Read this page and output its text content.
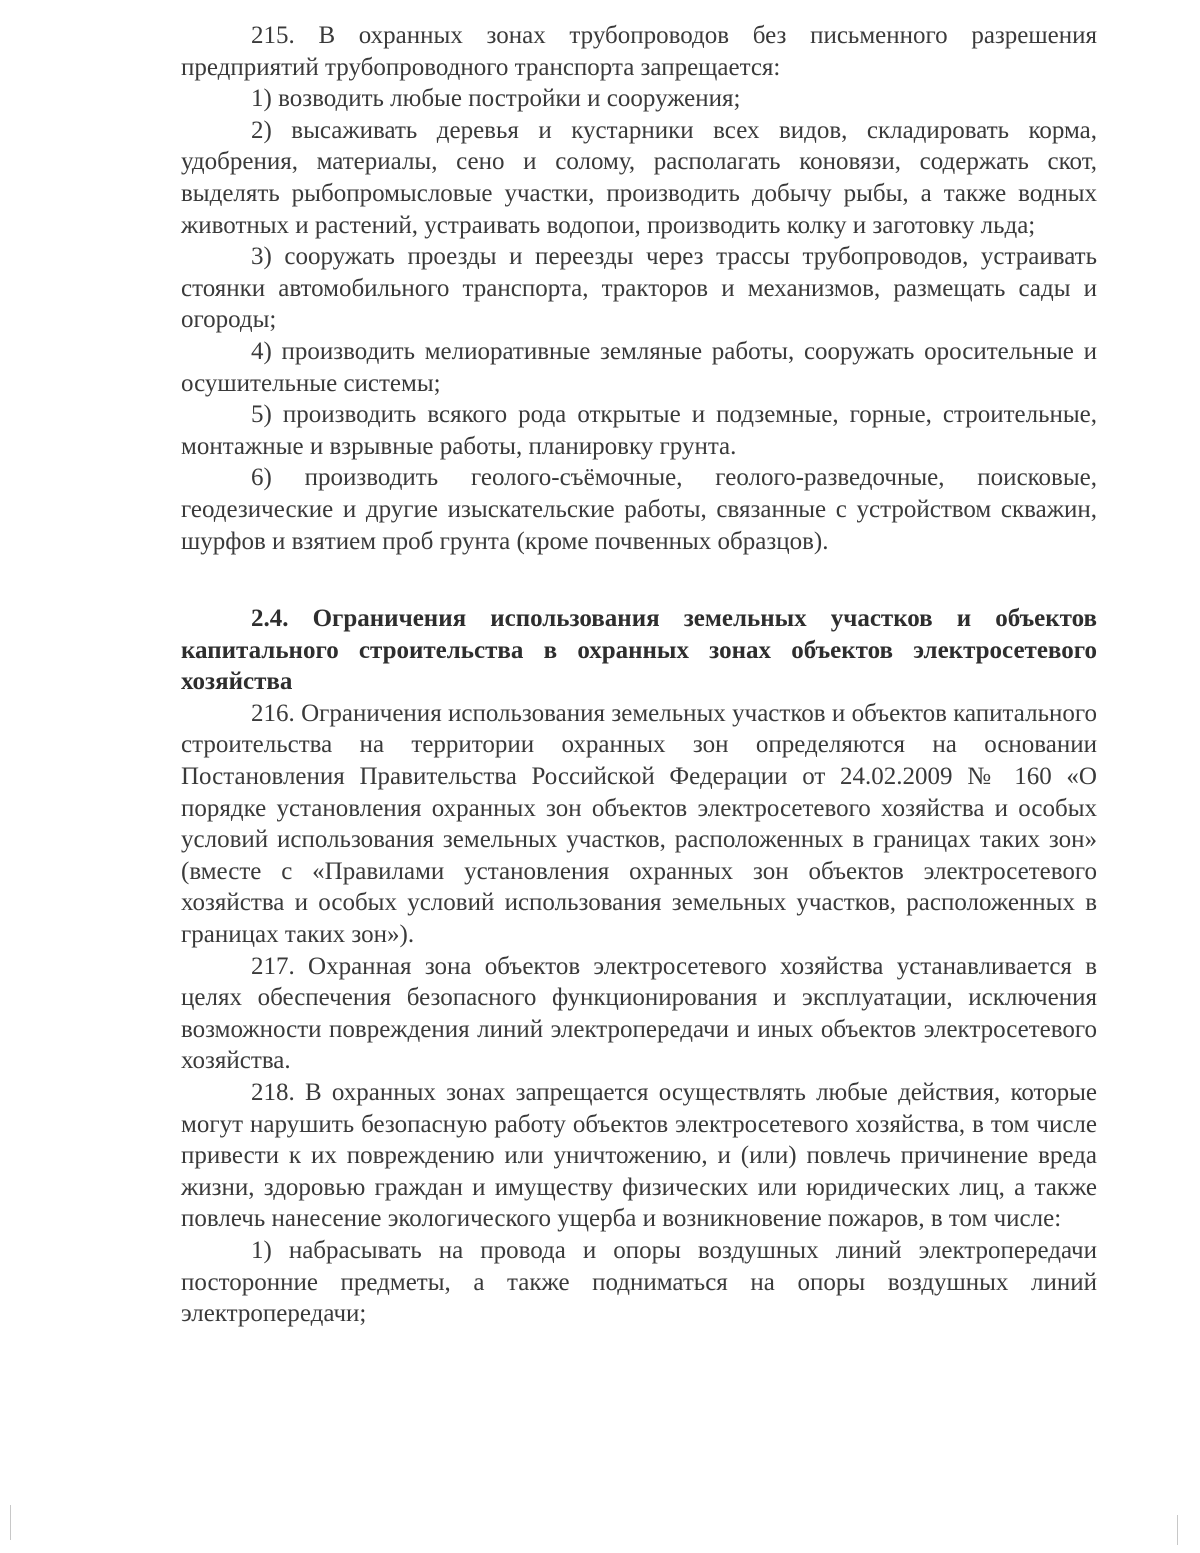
215. В охранных зонах трубопроводов без письменного разрешения предприятий трубопроводного транспорта запрещается:

1) возводить любые постройки и сооружения;

2) высаживать деревья и кустарники всех видов, складировать корма, удобрения, материалы, сено и солому, располагать коновязи, содержать скот, выделять рыбопромысловые участки, производить добычу рыбы, а также водных животных и растений, устраивать водопои, производить колку и заготовку льда;

3) сооружать проезды и переезды через трассы трубопроводов, устраивать стоянки автомобильного транспорта, тракторов и механизмов, размещать сады и огороды;

4) производить мелиоративные земляные работы, сооружать оросительные и осушительные системы;

5) производить всякого рода открытые и подземные, горные, строительные, монтажные и взрывные работы, планировку грунта.

6) производить геолого-съёмочные, геолого-разведочные, поисковые, геодезические и другие изыскательские работы, связанные с устройством скважин, шурфов и взятием проб грунта (кроме почвенных образцов).

2.4. Ограничения использования земельных участков и объектов капитального строительства в охранных зонах объектов электросетевого хозяйства

216. Ограничения использования земельных участков и объектов капитального строительства на территории охранных зон определяются на основании Постановления Правительства Российской Федерации от 24.02.2009 № 160 «О порядке установления охранных зон объектов электросетевого хозяйства и особых условий использования земельных участков, расположенных в границах таких зон» (вместе с «Правилами установления охранных зон объектов электросетевого хозяйства и особых условий использования земельных участков, расположенных в границах таких зон»).

217. Охранная зона объектов электросетевого хозяйства устанавливается в целях обеспечения безопасного функционирования и эксплуатации, исключения возможности повреждения линий электропередачи и иных объектов электросетевого хозяйства.

218. В охранных зонах запрещается осуществлять любые действия, которые могут нарушить безопасную работу объектов электросетевого хозяйства, в том числе привести к их повреждению или уничтожению, и (или) повлечь причинение вреда жизни, здоровью граждан и имуществу физических или юридических лиц, а также повлечь нанесение экологического ущерба и возникновение пожаров, в том числе:

1) набрасывать на провода и опоры воздушных линий электропередачи посторонние предметы, а также подниматься на опоры воздушных линий электропередачи;
